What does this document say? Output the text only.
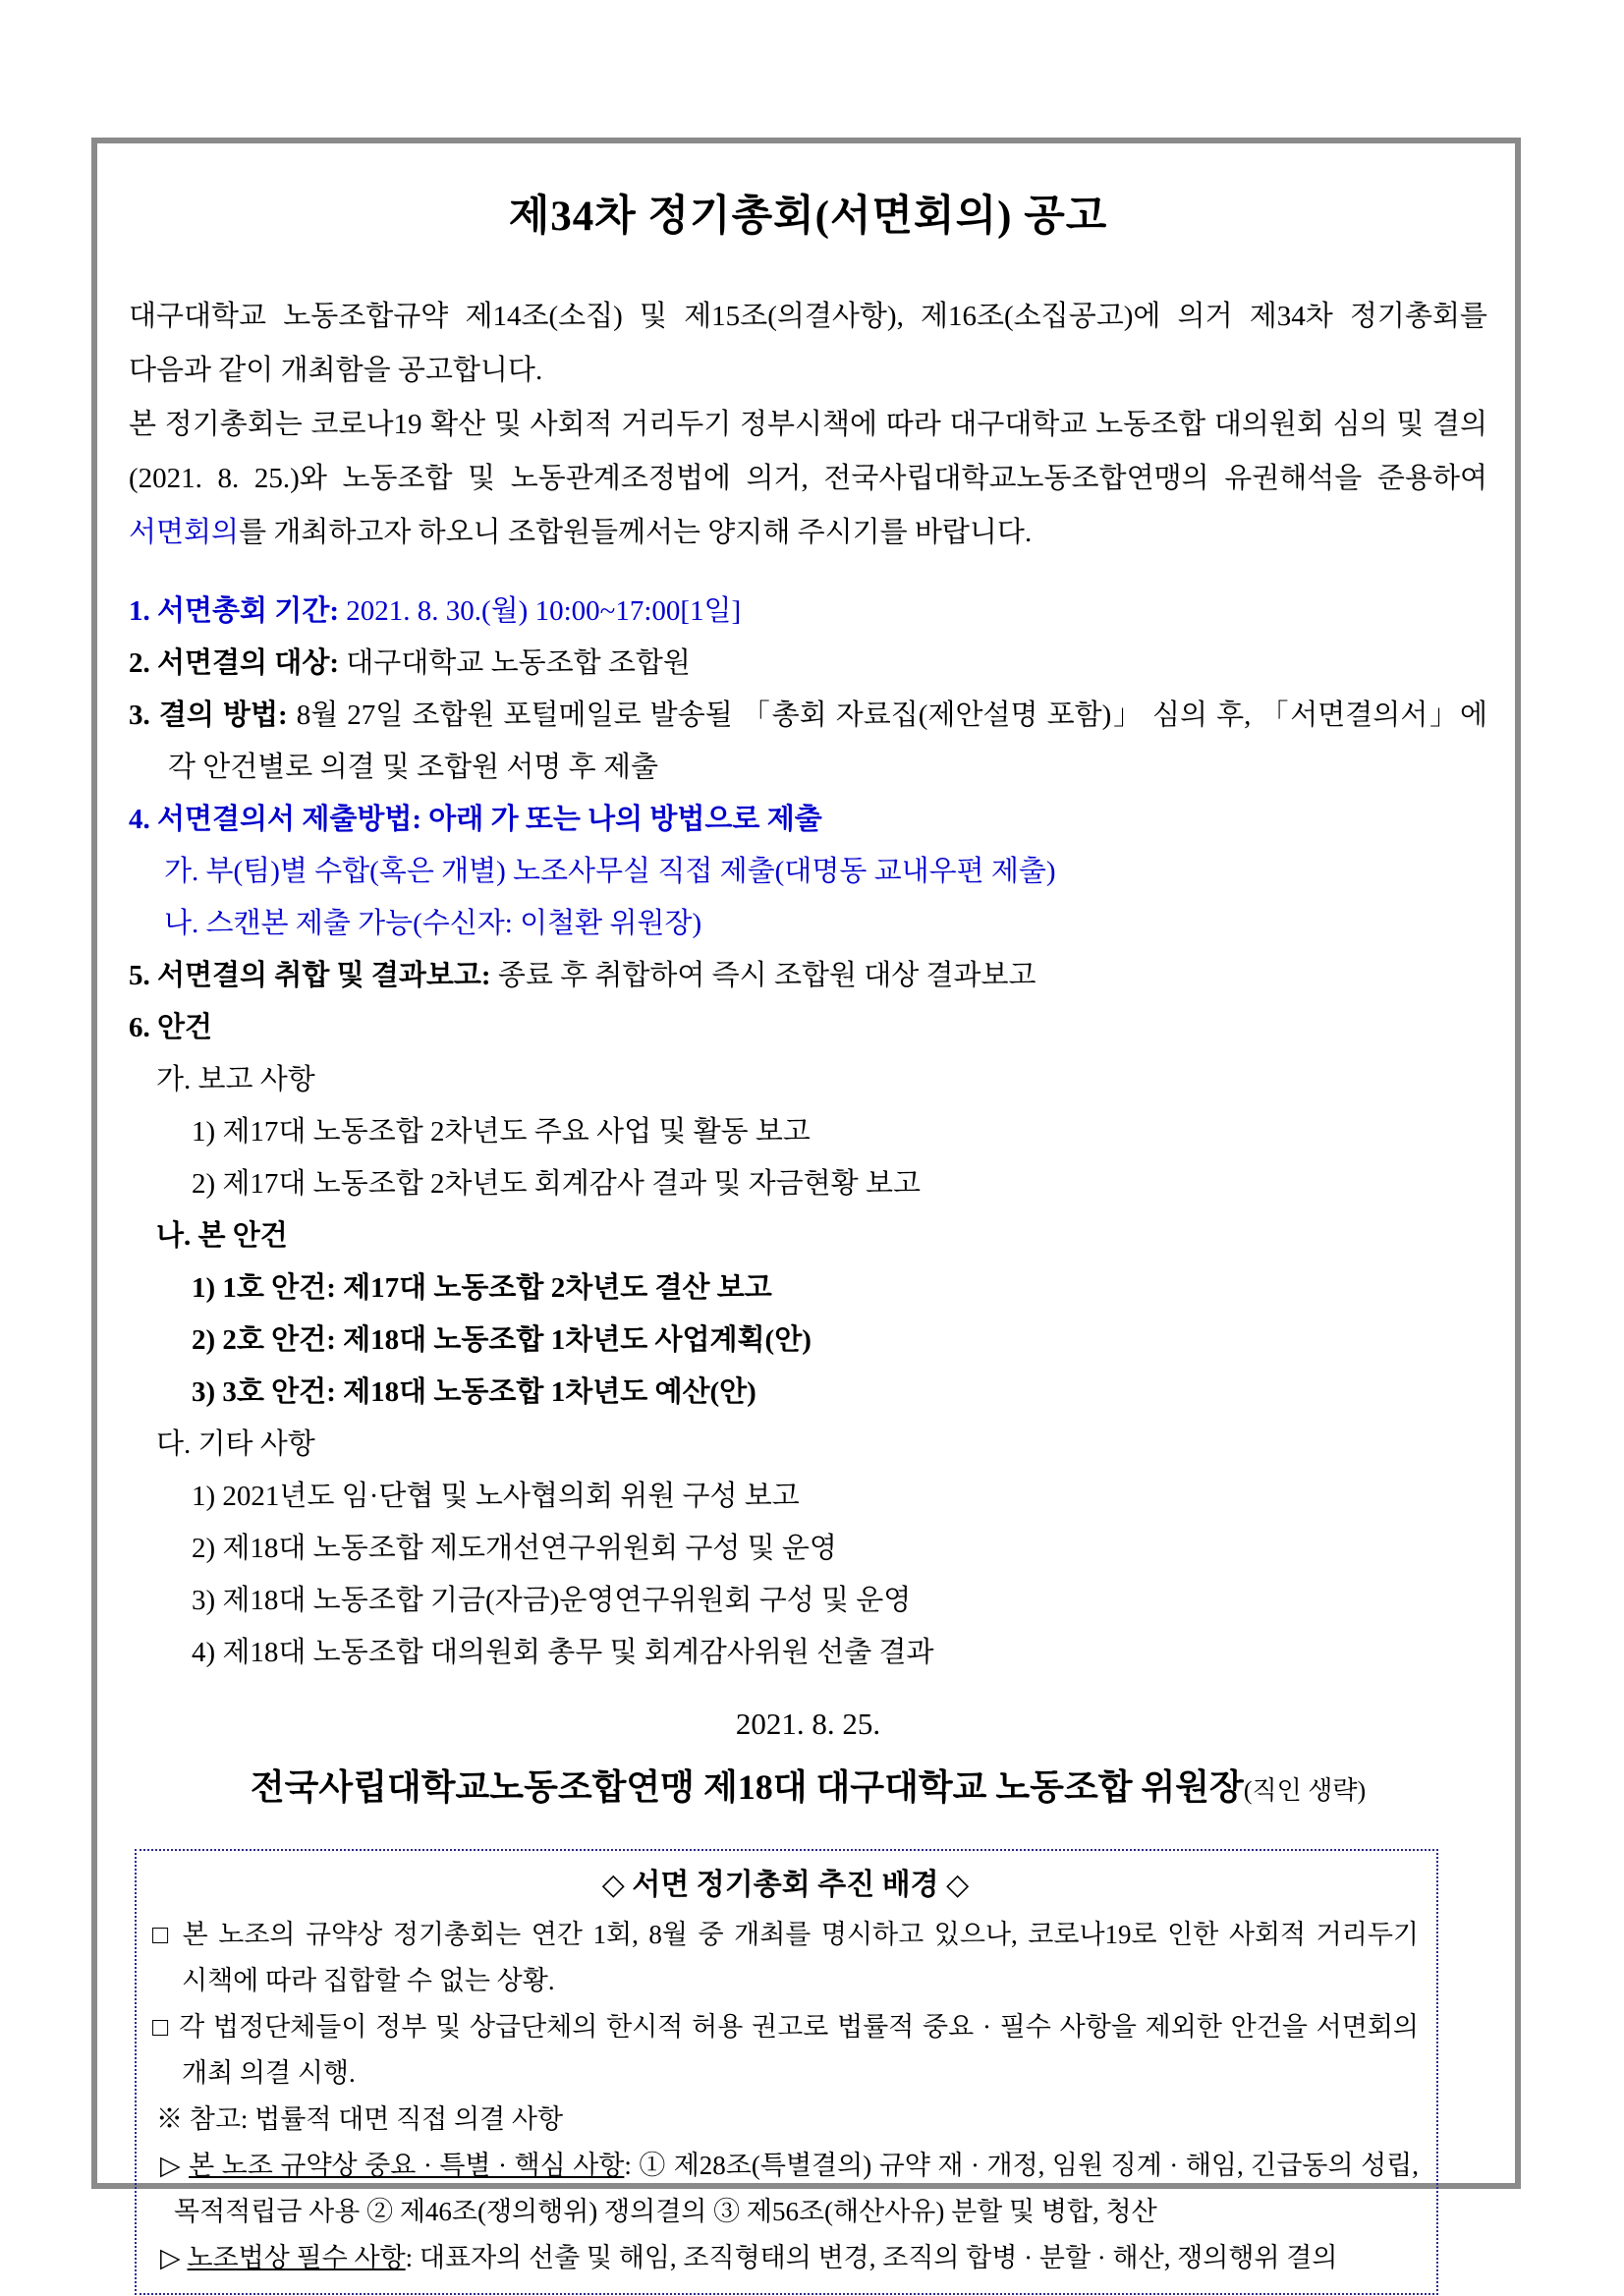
제34차 정기총회(서면회의) 공고
대구대학교 노동조합규약 제14조(소집) 및 제15조(의결사항), 제16조(소집공고)에 의거 제34차 정기총회를 다음과 같이 개최함을 공고합니다.
본 정기총회는 코로나19 확산 및 사회적 거리두기 정부시책에 따라 대구대학교 노동조합 대의원회 심의 및 결의(2021. 8. 25.)와 노동조합 및 노동관계조정법에 의거, 전국사립대학교노동조합연맹의 유권해석을 준용하여 서면회의를 개최하고자 하오니 조합원들께서는 양지해 주시기를 바랍니다.
1. 서면총회 기간: 2021. 8. 30.(월) 10:00~17:00[1일]
2. 서면결의 대상: 대구대학교 노동조합 조합원
3. 결의 방법: 8월 27일 조합원 포털메일로 발송될 「총회 자료집(제안설명 포함)」 심의 후, 「서면결의서」에 각 안건별로 의결 및 조합원 서명 후 제출
4. 서면결의서 제출방법: 아래 가 또는 나의 방법으로 제출
가. 부(팀)별 수합(혹은 개별) 노조사무실 직접 제출(대명동 교내우편 제출)
나. 스캔본 제출 가능(수신자: 이철환 위원장)
5. 서면결의 취합 및 결과보고: 종료 후 취합하여 즉시 조합원 대상 결과보고
6. 안건
가. 보고 사항
1) 제17대 노동조합 2차년도 주요 사업 및 활동 보고
2) 제17대 노동조합 2차년도 회계감사 결과 및 자금현황 보고
나. 본 안건
1) 1호 안건: 제17대 노동조합 2차년도 결산 보고
2) 2호 안건: 제18대 노동조합 1차년도 사업계획(안)
3) 3호 안건: 제18대 노동조합 1차년도 예산(안)
다. 기타 사항
1) 2021년도 임·단협 및 노사협의회 위원 구성 보고
2) 제18대 노동조합 제도개선연구위원회 구성 및 운영
3) 제18대 노동조합 기금(자금)운영연구위원회 구성 및 운영
4) 제18대 노동조합 대의원회 총무 및 회계감사위원 선출 결과
2021. 8. 25.
전국사립대학교노동조합연맹 제18대 대구대학교 노동조합 위원장(직인 생략)
◇ 서면 정기총회 추진 배경 ◇
□ 본 노조의 규약상 정기총회는 연간 1회, 8월 중 개최를 명시하고 있으나, 코로나19로 인한 사회적 거리두기 시책에 따라 집합할 수 없는 상황.
□ 각 법정단체들이 정부 및 상급단체의 한시적 허용 권고로 법률적 중요 · 필수 사항을 제외한 안건을 서면회의 개최 의결 시행.
※ 참고: 법률적 대면 직접 의결 사항
▷ 본 노조 규약상 중요 · 특별 · 핵심 사항: ① 제28조(특별결의) 규약 재 · 개정, 임원 징계 · 해임, 긴급동의 성립, 목적적립금 사용 ② 제46조(쟁의행위) 쟁의결의 ③ 제56조(해산사유) 분할 및 병합, 청산
▷ 노조법상 필수 사항: 대표자의 선출 및 해임, 조직형태의 변경, 조직의 합병 · 분할 · 해산, 쟁의행위 결의
